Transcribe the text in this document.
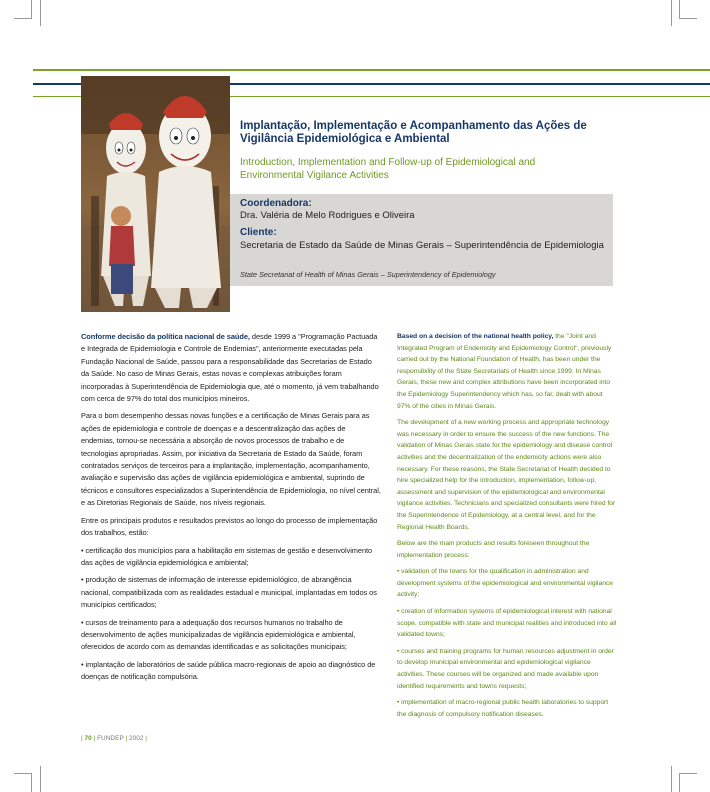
Implantação, Implementação e Acompanhamento das Ações de Vigilância Epidemiológica e Ambiental
Introduction, Implementation and Follow-up of Epidemiological and Environmental Vigilance Activities
Coordenadora:
Dra. Valéria de Melo Rodrigues e Oliveira
Cliente:
Secretaria de Estado da Saúde de Minas Gerais – Superintendência de Epidemiologia
State Secretariat of Health of Minas Gerais – Superintendency of Epidemiology

Conforme decisão da política nacional de saúde, desde 1999 a "Programação Pactuada e Integrada de Epidemiologia e Controle de Endemias", anteriormente executadas pela Fundação Nacional de Saúde, passou para a responsabilidade das Secretarias de Estado da Saúde. No caso de Minas Gerais, estas novas e complexas atribuições foram incorporadas à Superintendência de Epidemiologia que, até o momento, já vem trabalhando com cerca de 97% do total dos municípios mineiros.

Para o bom desempenho dessas novas funções e a certificação de Minas Gerais para as ações de epidemiologia e controle de doenças e a descentralização das ações de endemias, tornou-se necessária a absorção de novos processos de trabalho e de tecnologias apropriadas. Assim, por iniciativa da Secretaria de Estado da Saúde, foram contratados serviços de terceiros para a implantação, implementação, acompanhamento, avaliação e supervisão das ações de vigilância epidemiológica e ambiental, suprindo de técnicos e consultores especializados a Superintendência de Epidemiologia, no nível central, e as Diretorias Regionais de Saúde, nos níveis regionais.

Entre os principais produtos e resultados previstos ao longo do processo de implementação dos trabalhos, estão:

• certificação dos municípios para a habilitação em sistemas de gestão e desenvolvimento das ações de vigilância epidemiológica e ambiental;

• produção de sistemas de informação de interesse epidemiológico, de abrangência nacional, compatibilizada com as realidades estadual e municipal, implantadas em todos os municípios certificados;

• cursos de treinamento para a adequação dos recursos humanos no trabalho de desenvolvimento de ações municipalizadas de vigilância epidemiológica e ambiental, oferecidos de acordo com as demandas identificadas e as solicitações municipais;

• implantação de laboratórios de saúde pública macro-regionais de apoio ao diagnóstico de doenças de notificação compulsória.

Based on a decision of the national health policy, the "Joint and Integrated Program of Endemicity and Epidemiology Control", previously carried out by the National Foundation of Health, has been under the responsibility of the State Secretariats of Health since 1999. In Minas Gerais, these new and complex attributions have been incorporated into the Epidemiology Superintendency which has, so far, dealt with about 97% of the cities in Minas Gerais.

The development of a new working process and appropriate technology was necessary in order to ensure the success of the new functions. The validation of Minas Gerais state for the epidemiology and disease control activities and the decentralization of the endemicity actions were also necessary. For these reasons, the State Secretariat of Health decided to hire specialized help for the introduction, implementation, follow-up, assessment and supervision of the epidemiological and environmental vigilance activities. Technicians and specialized consultants were hired for the Superintendence of Epidemiology, at a central level, and for the Regional Health Boards.

Below are the main products and results foreseen throughout the implementation process:

• validation of the towns for the qualification in administration and development systems of the epidemiological and environmental vigilance activity;

• creation of information systems of epidemiological interest with national scope, compatible with state and municipal realities and introduced into all validated towns;

• courses and training programs for human resources adjustment in order to develop municipal environmental and epidemiological vigilance activities. These courses will be organized and made available upon identified requirements and towns requests;

• implementation of macro-regional public health laboratories to support the diagnosis of compulsory notification diseases.

| 70 | FUNDEP | 2002 |
